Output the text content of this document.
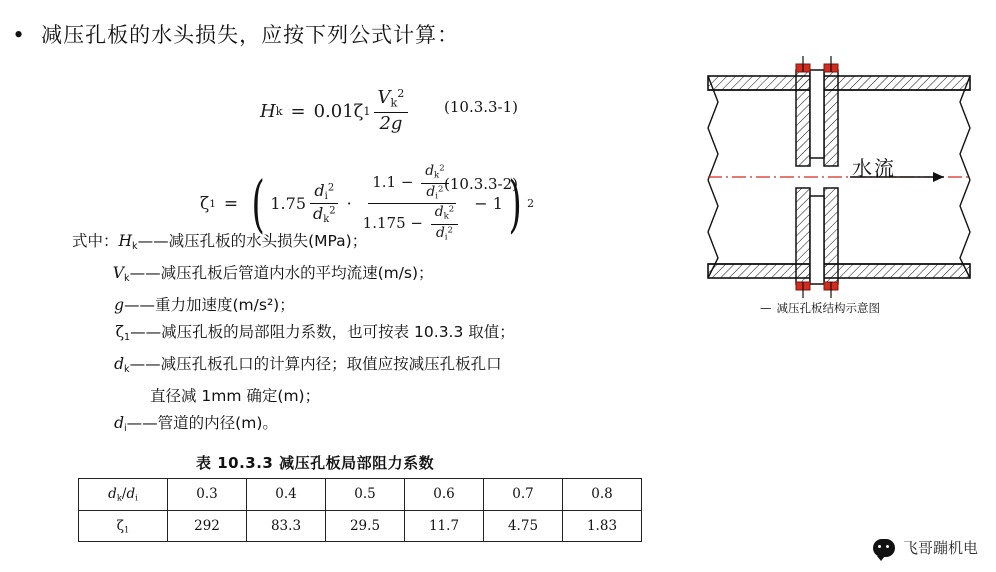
• 减压孔板的水头损失，应按下列公式计算：
H k = 0.01 ζ $1 \frac{V_k^2}{2g}$
ζ 1 = ( $1.75 \frac{d_i^2}{d_k^2} \cdot \frac{1.1 - \frac{d_k^2}{d_i^2}}{1.175 - \frac{d_k^2}{d_i^2}} - 1$ ) 2
(10.3.3-1)
(10.3.3-2)
式中：$H_k——$减压孔板的水头损失(MPa)；
$V_k——$减压孔板后管道内水的平均流速(m/s)；
g——重力加速度(m/s²)；
$\zeta_1——$减压孔板的局部阻力系数，也可按表 10.3.3 取值；
$d_k——$减压孔板孔口的计算内径；取值应按减压孔板孔口
直径减 1mm 确定(m)；
$d_i——$管道的内径(m)。
表 10.3.3 减压孔板局部阻力系数
$d_k/d_i$	0.3	0.4	0.5	0.6	0.7	0.8
$\zeta_1$	292	83.3	29.5	11.7	4.75	1.83
水流
— 减压孔板结构示意图
飞哥蹦机电
